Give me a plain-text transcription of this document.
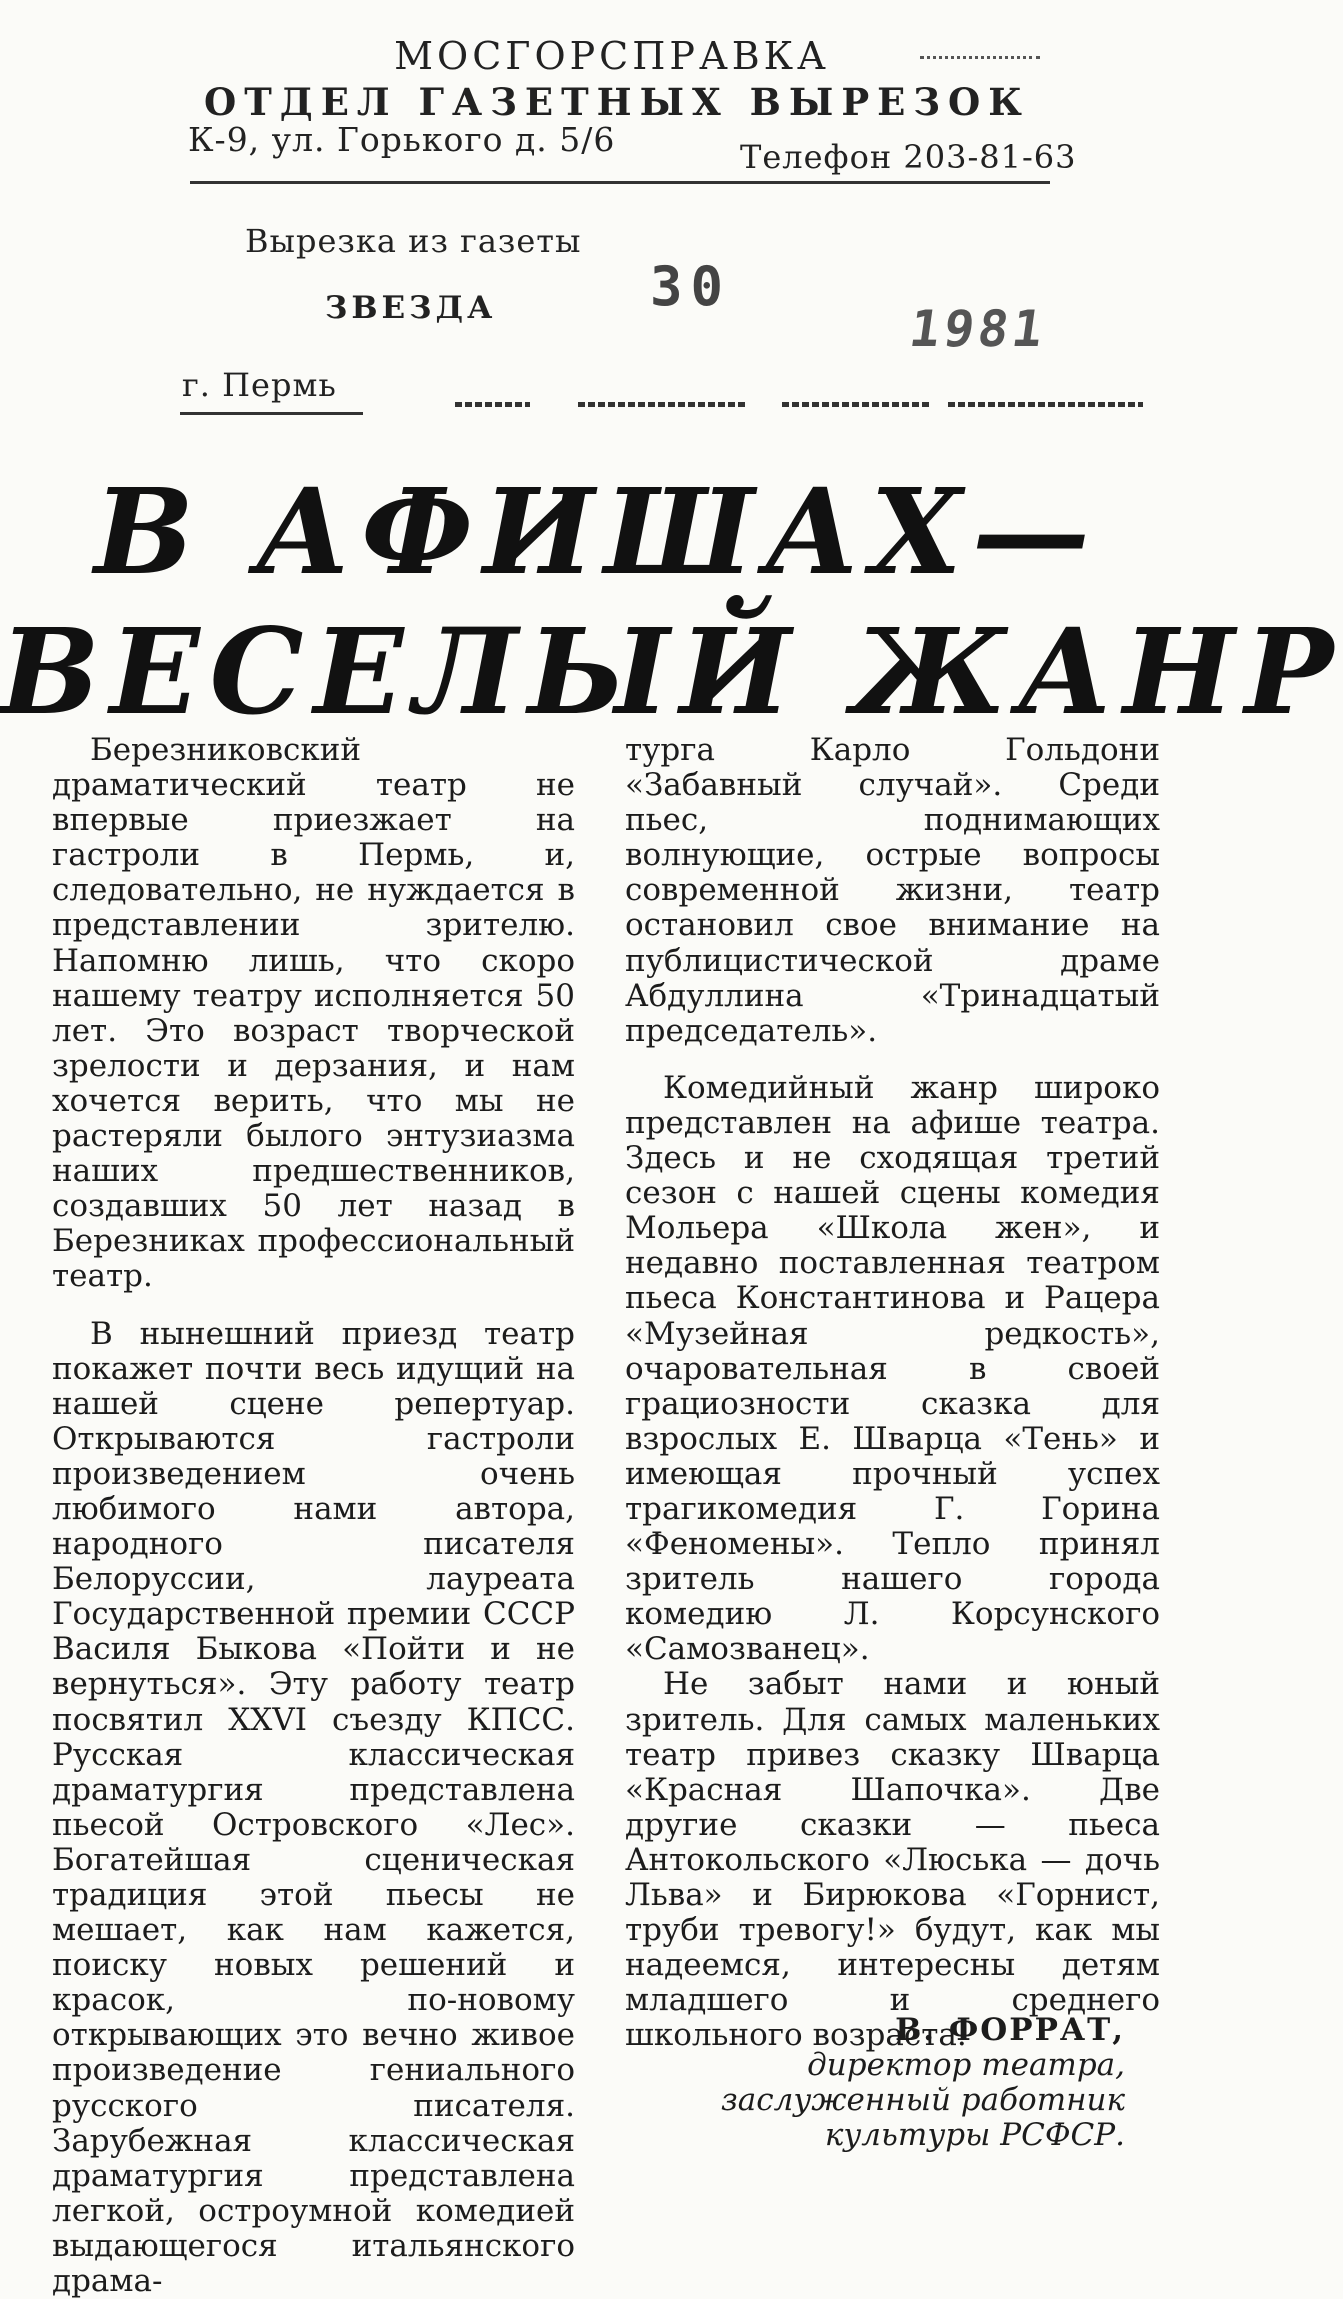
МОСГОРСПРАВКА
ОТДЕЛ ГАЗЕТНЫХ ВЫРЕЗОК
К-9, ул. Горького д. 5/6	Телефон 203-81-63
Вырезка из газеты
ЗВЕЗДА	30
1981
г. Пермь
В АФИШАХ—
ВЕСЕЛЫЙ ЖАНР

Березниковский драматический театр не впервые приезжает на гастроли в Пермь, и, следовательно, не нуждается в представлении зрителю. Напомню лишь, что скоро нашему театру исполняется 50 лет. Это возраст творческой зрелости и дерзания, и нам хочется верить, что мы не растеряли былого энтузиазма наших предшественников, создавших 50 лет назад в Березниках профессиональный театр.

В нынешний приезд театр покажет почти весь идущий на нашей сцене репертуар. Открываются гастроли произведением очень любимого нами автора, народного писателя Белоруссии, лауреата Государственной премии СССР Василя Быкова «Пойти и не вернуться». Эту работу театр посвятил XXVI съезду КПСС. Русская классическая драматургия представлена пьесой Островского «Лес». Богатейшая сценическая традиция этой пьесы не мешает, как нам кажется, поиску новых решений и красок, по-новому открывающих это вечно живое произведение гениального русского писателя. Зарубежная классическая драматургия представлена легкой, остроумной комедией выдающегося итальянского драма-

турга Карло Гольдони «Забавный случай». Среди пьес, поднимающих волнующие, острые вопросы современной жизни, театр остановил свое внимание на публицистической драме Абдуллина «Тринадцатый председатель».

Комедийный жанр широко представлен на афише театра. Здесь и не сходящая третий сезон с нашей сцены комедия Мольера «Школа жен», и недавно поставленная театром пьеса Константинова и Рацера «Музейная редкость», очаровательная в своей грациозности сказка для взрослых Е. Шварца «Тень» и имеющая прочный успех трагикомедия Г. Горина «Феномены». Тепло принял зритель нашего города комедию Л. Корсунского «Самозванец».

Не забыт нами и юный зритель. Для самых маленьких театр привез сказку Шварца «Красная Шапочка». Две другие сказки — пьеса Антокольского «Люська — дочь Льва» и Бирюкова «Горнист, труби тревогу!» будут, как мы надеемся, интересны детям младшего и среднего школьного возраста.

В. ФОРРАТ,
директор театра,
заслуженный работник
культуры РСФСР.
